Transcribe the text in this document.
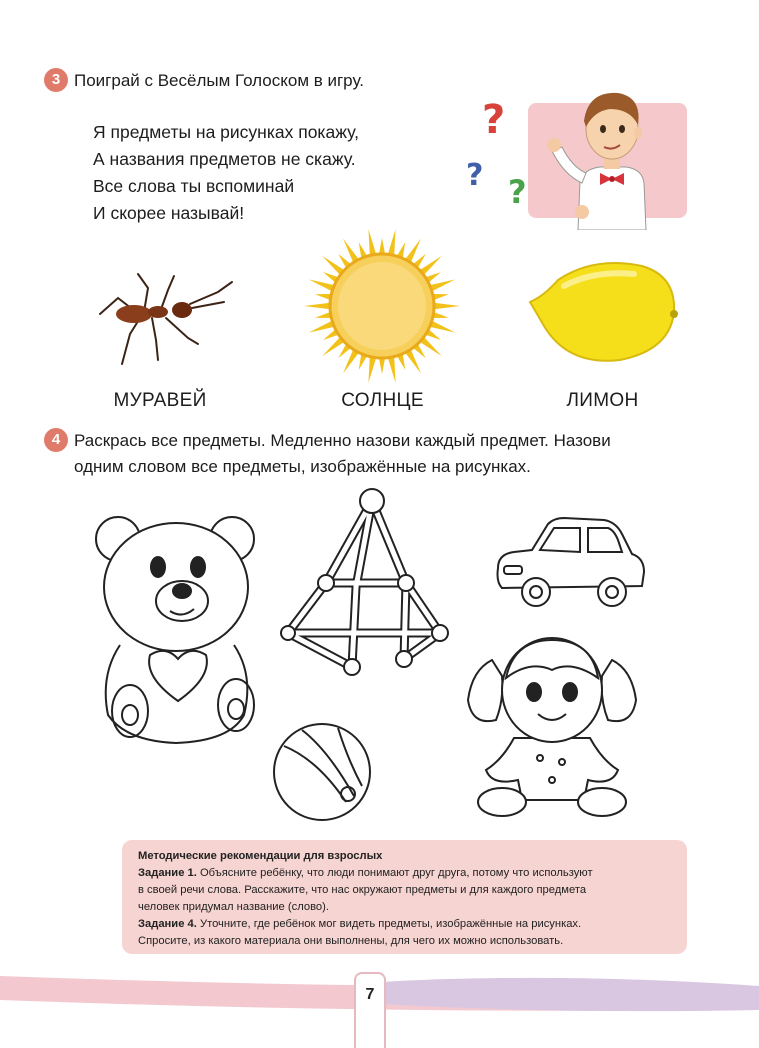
3 Поиграй с Весёлым Голоском в игру.
Я предметы на рисунках покажу,
А названия предметов не скажу.
Все слова ты вспоминай
И скорее называй!
?
? ?
МУРАВЕЙ	СОЛНЦЕ	ЛИМОН
4 Раскрась все предметы. Медленно назови каждый предмет. Назови
одним словом все предметы, изображённые на рисунках.
Методические рекомендации для взрослых
Задание 1. Объясните ребёнку, что люди понимают друг друга, потому что используют
в своей речи слова. Расскажите, что нас окружают предметы и для каждого предмета
человек придумал название (слово).
Задание 4. Уточните, где ребёнок мог видеть предметы, изображённые на рисунках.
Спросите, из какого материала они выполнены, для чего их можно использовать.
7
